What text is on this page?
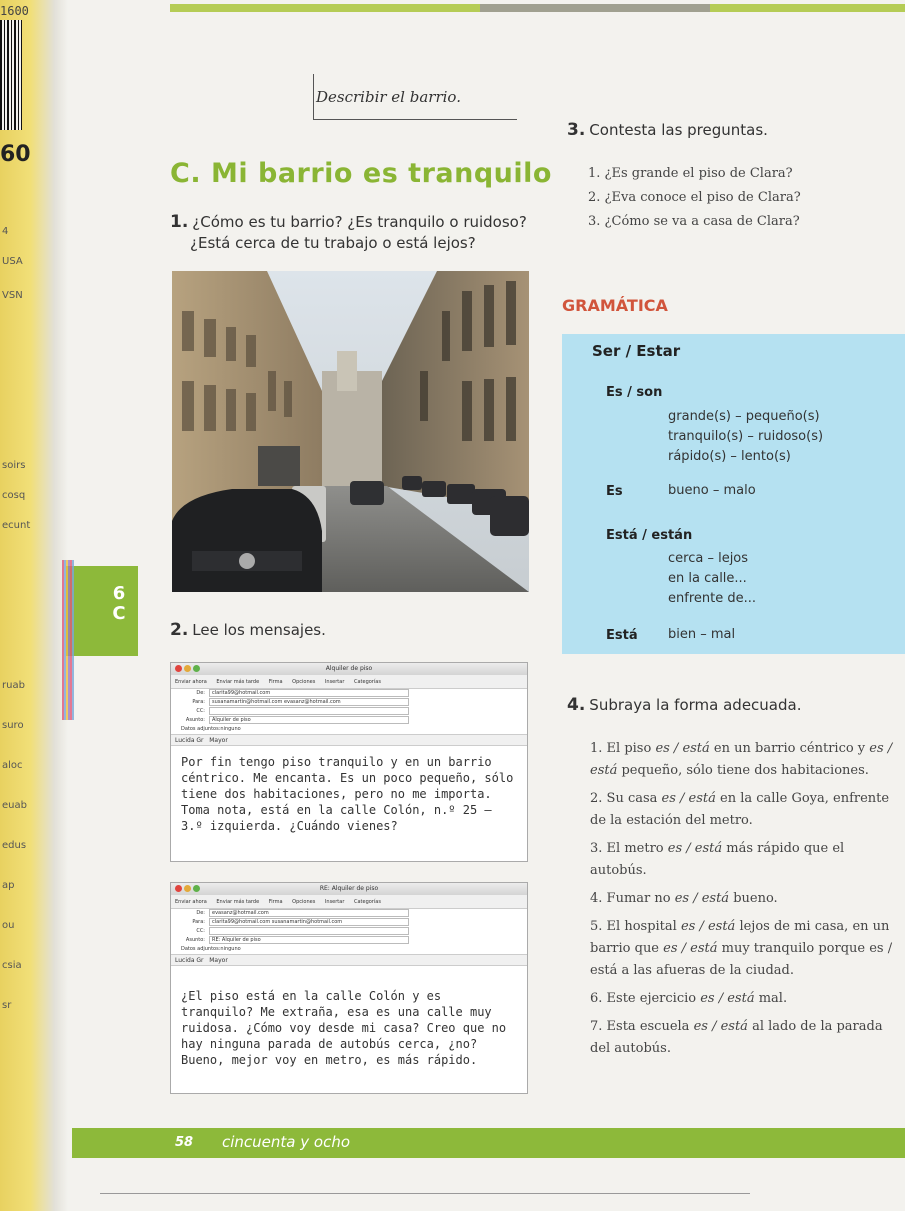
1600
60
4
USA
VSN
soirs
cosq
ecunt
ruab
suro
aloc
euab
edus
ap
ou
csia
sr
6
C
Describir el barrio.
C. Mi barrio es tranquilo
1. ¿Cómo es tu barrio? ¿Es tranquilo o ruidoso?
¿Está cerca de tu trabajo o está lejos?
2. Lee los mensajes.
Alquiler de piso
Enviar ahora Enviar más tarde Firma Opciones Insertar Categorías
De:	clarita99@hotmail.com
Para:	susanamartin@hotmail.com evasanz@hotmail.com
CC:
Asunto:	Alquiler de piso
Datos adjuntos:ninguno
Lucida Gr Mayor
Por fin tengo piso tranquilo y en un barrio céntrico. Me encanta. Es un poco pequeño, sólo tiene dos habitaciones, pero no me importa. Toma nota, está en la calle Colón, n.º 25 – 3.º izquierda. ¿Cuándo vienes?
RE: Alquiler de piso
Enviar ahora Enviar más tarde Firma Opciones Insertar Categorías
De:	evasanz@hotmail.com
Para:	clarita99@hotmail.com susanamartin@hotmail.com
CC:
Asunto:	RE: Alquiler de piso
Datos adjuntos:ninguno
Lucida Gr Mayor
¿El piso está en la calle Colón y es tranquilo? Me extraña, esa es una calle muy ruidosa. ¿Cómo voy desde mi casa? Creo que no hay ninguna parada de autobús cerca, ¿no? Bueno, mejor voy en metro, es más rápido.
3. Contesta las preguntas.
1. ¿Es grande el piso de Clara?
2. ¿Eva conoce el piso de Clara?
3. ¿Cómo se va a casa de Clara?
GRAMÁTICA
Ser / Estar
Es / son
grande(s) – pequeño(s)
tranquilo(s) – ruidoso(s)
rápido(s) – lento(s)
Es	bueno – malo
Está / están
cerca – lejos
en la calle...
enfrente de...
Está bien – mal
4. Subraya la forma adecuada.
1. El piso es / está en un barrio céntrico y es / está pequeño, sólo tiene dos habitaciones.
2. Su casa es / está en la calle Goya, enfrente de la estación del metro.
3. El metro es / está más rápido que el autobús.
4. Fumar no es / está bueno.
5. El hospital es / está lejos de mi casa, en un barrio que es / está muy tranquilo porque es / está a las afueras de la ciudad.
6. Este ejercicio es / está mal.
7. Esta escuela es / está al lado de la parada del autobús.
58 cincuenta y ocho
